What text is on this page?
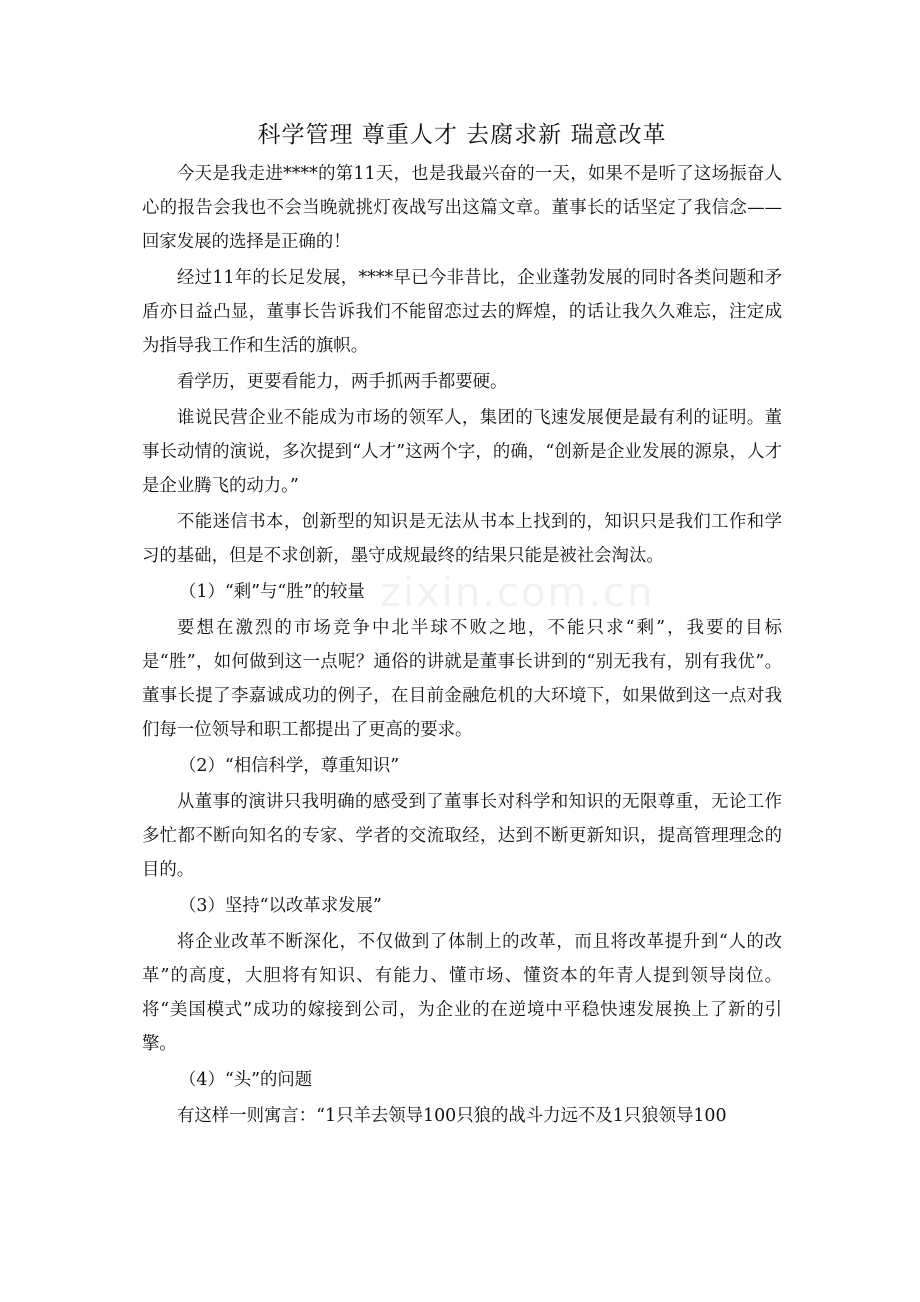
zixin.com.cn
科学管理 尊重人才 去腐求新 瑞意改革

今天是我走进****的第11天，也是我最兴奋的一天，如果不是听了这场振奋人心的报告会我也不会当晚就挑灯夜战写出这篇文章。董事长的话坚定了我信念——回家发展的选择是正确的！

经过11年的长足发展，****早已今非昔比，企业蓬勃发展的同时各类问题和矛盾亦日益凸显，董事长告诉我们不能留恋过去的辉煌，的话让我久久难忘，注定成为指导我工作和生活的旗帜。

看学历，更要看能力，两手抓两手都要硬。

谁说民营企业不能成为市场的领军人，集团的飞速发展便是最有利的证明。董事长动情的演说，多次提到“人才”这两个字，的确，“创新是企业发展的源泉，人才是企业腾飞的动力。”

不能迷信书本，创新型的知识是无法从书本上找到的，知识只是我们工作和学习的基础，但是不求创新，墨守成规最终的结果只能是被社会淘汰。

（1）“剩”与“胜”的较量

要想在激烈的市场竞争中北半球不败之地，不能只求“剩”，我要的目标是“胜”，如何做到这一点呢？通俗的讲就是董事长讲到的“别无我有，别有我优”。董事长提了李嘉诚成功的例子，在目前金融危机的大环境下，如果做到这一点对我们每一位领导和职工都提出了更高的要求。

（2）“相信科学，尊重知识”

从董事的演讲只我明确的感受到了董事长对科学和知识的无限尊重，无论工作多忙都不断向知名的专家、学者的交流取经，达到不断更新知识，提高管理理念的目的。

（3）坚持“以改革求发展”

将企业改革不断深化，不仅做到了体制上的改革，而且将改革提升到“人的改革”的高度，大胆将有知识、有能力、懂市场、懂资本的年青人提到领导岗位。将“美国模式”成功的嫁接到公司，为企业的在逆境中平稳快速发展换上了新的引擎。

（4）“头”的问题

有这样一则寓言：“1只羊去领导100只狼的战斗力远不及1只狼领导100
